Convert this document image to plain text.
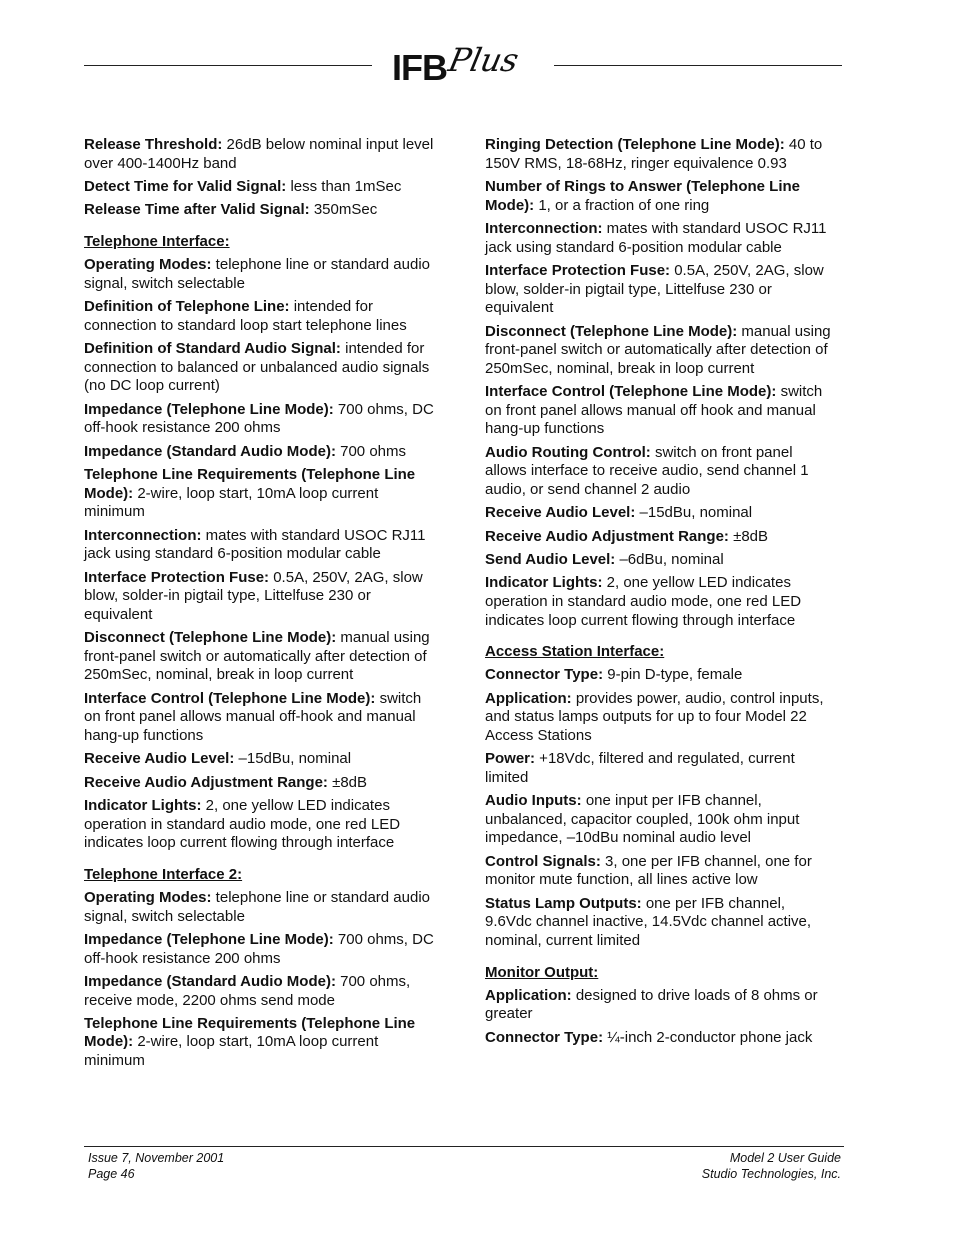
IFB
Plus

Release Threshold: 26dB below nominal input level over 400-1400Hz band

Detect Time for Valid Signal: less than 1mSec

Release Time after Valid Signal: 350mSec

Telephone Interface:

Operating Modes: telephone line or standard audio signal, switch selectable

Definition of Telephone Line: intended for connection to standard loop start telephone lines

Definition of Standard Audio Signal: intended for connection to balanced or unbalanced audio signals (no DC loop current)

Impedance (Telephone Line Mode): 700 ohms, DC off-hook resistance 200 ohms

Impedance (Standard Audio Mode): 700 ohms

Telephone Line Requirements (Telephone Line Mode): 2-wire, loop start, 10mA loop current minimum

Interconnection: mates with standard USOC RJ11 jack using standard 6-position modular cable

Interface Protection Fuse: 0.5A, 250V, 2AG, slow blow, solder-in pigtail type, Littelfuse 230 or equivalent

Disconnect (Telephone Line Mode): manual using front-panel switch or automatically after detection of 250mSec, nominal, break in loop current

Interface Control (Telephone Line Mode): switch on front panel allows manual off-hook and manual hang-up functions

Receive Audio Level: –15dBu, nominal

Receive Audio Adjustment Range: ±8dB

Indicator Lights: 2, one yellow LED indicates operation in standard audio mode, one red LED indicates loop current flowing through interface

Telephone Interface 2:

Operating Modes: telephone line or standard audio signal, switch selectable

Impedance (Telephone Line Mode): 700 ohms, DC off-hook resistance 200 ohms

Impedance (Standard Audio Mode): 700 ohms, receive mode, 2200 ohms send mode

Telephone Line Requirements (Telephone Line Mode): 2-wire, loop start, 10mA loop current minimum

Ringing Detection (Telephone Line Mode): 40 to 150V RMS, 18-68Hz, ringer equivalence 0.93

Number of Rings to Answer (Telephone Line Mode): 1, or a fraction of one ring

Interconnection: mates with standard USOC RJ11 jack using standard 6-position modular cable

Interface Protection Fuse: 0.5A, 250V, 2AG, slow blow, solder-in pigtail type, Littelfuse 230 or equivalent

Disconnect (Telephone Line Mode): manual using front-panel switch or automatically after detection of 250mSec, nominal, break in loop current

Interface Control (Telephone Line Mode): switch on front panel allows manual off hook and manual hang-up functions

Audio Routing Control: switch on front panel allows interface to receive audio, send channel 1 audio, or send channel 2 audio

Receive Audio Level: –15dBu, nominal

Receive Audio Adjustment Range: ±8dB

Send Audio Level: –6dBu, nominal

Indicator Lights: 2, one yellow LED indicates operation in standard audio mode, one red LED indicates loop current flowing through interface

Access Station Interface:

Connector Type: 9-pin D-type, female

Application: provides power, audio, control inputs, and status lamps outputs for up to four Model 22 Access Stations

Power: +18Vdc, filtered and regulated, current limited

Audio Inputs: one input per IFB channel, unbalanced, capacitor coupled, 100k ohm input impedance, –10dBu nominal audio level

Control Signals: 3, one per IFB channel, one for monitor mute function, all lines active low

Status Lamp Outputs: one per IFB channel, 9.6Vdc channel inactive, 14.5Vdc channel active, nominal, current limited

Monitor Output:

Application: designed to drive loads of 8 ohms or greater

Connector Type: ¼-inch 2-conductor phone jack

Issue 7, November 2001
Page 46
Model 2 User Guide
Studio Technologies, Inc.
